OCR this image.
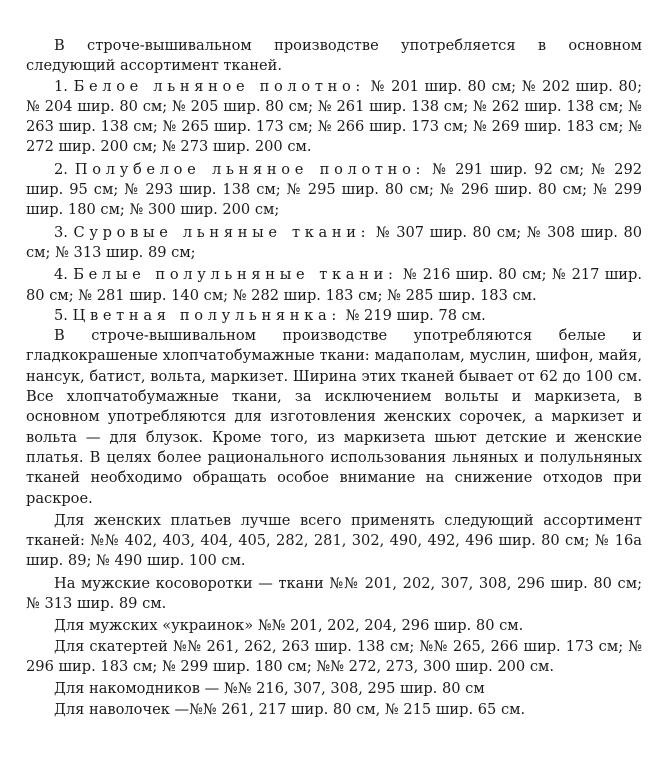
В строче-вышивальном производстве употребляется в основном следующий ассортимент тканей.

1. Белое льняное полотно: № 201 шир. 80 см; № 202 шир. 80; № 204 шир. 80 см; № 205 шир. 80 см; № 261 шир. 138 см; № 262 шир. 138 см; № 263 шир. 138 см; № 265 шир. 173 см; № 266 шир. 173 см; № 269 шир. 183 см; № 272 шир. 200 см; № 273 шир. 200 см.

2. Полубелое льняное полотно: № 291 шир. 92 см; № 292 шир. 95 см; № 293 шир. 138 см; № 295 шир. 80 см; № 296 шир. 80 см; № 299 шир. 180 см; № 300 шир. 200 см;

3. Суровые льняные ткани: № 307 шир. 80 см; № 308 шир. 80 см; № 313 шир. 89 см;

4. Белые полульняные ткани: № 216 шир. 80 см; № 217 шир. 80 см; № 281 шир. 140 см; № 282 шир. 183 см; № 285 шир. 183 см.

5. Цветная полульнянка: № 219 шир. 78 см.

В строче-вышивальном производстве употребляются белые и гладкокрашеные хлопчатобумажные ткани: мадаполам, муслин, шифон, майя, нансук, батист, вольта, маркизет. Ширина этих тканей бывает от 62 до 100 см. Все хлопчатобумажные ткани, за исключением вольты и маркизета, в основном употребляются для изготовления женских сорочек, а маркизет и вольта — для блузок. Кроме того, из маркизета шьют детские и женские платья. В целях более рационального использования льняных и полульняных тканей необходимо обращать особое внимание на снижение отходов при раскрое.

Для женских платьев лучше всего применять следующий ассортимент тканей: №№ 402, 403, 404, 405, 282, 281, 302, 490, 492, 496 шир. 80 см; № 16а шир. 89; № 490 шир. 100 см.

На мужские косоворотки — ткани №№ 201, 202, 307, 308, 296 шир. 80 см; № 313 шир. 89 см.

Для мужских «украинок» №№ 201, 202, 204, 296 шир. 80 см.

Для скатертей №№ 261, 262, 263 шир. 138 см; №№ 265, 266 шир. 173 см; № 296 шир. 183 см; № 299 шир. 180 см; №№ 272, 273, 300 шир. 200 см.

Для накомодников — №№ 216, 307, 308, 295 шир. 80 см

Для наволочек —№№ 261, 217 шир. 80 см, № 215 шир. 65 см.
